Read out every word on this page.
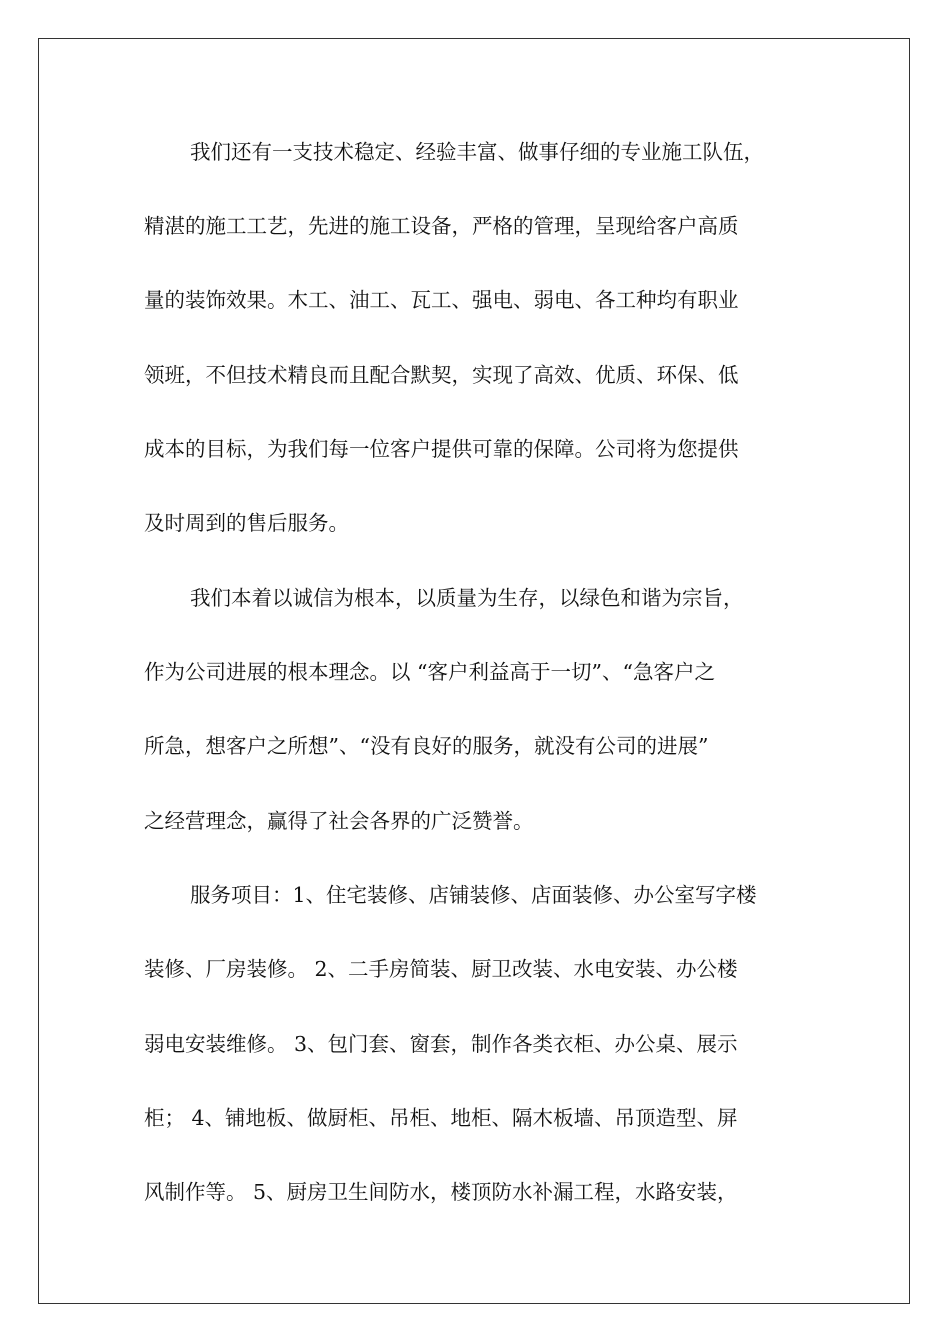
我们还有一支技术稳定、经验丰富、做事仔细的专业施工队伍，
精湛的施工工艺，先进的施工设备，严格的管理，呈现给客户高质
量的装饰效果。木工、油工、瓦工、强电、弱电、各工种均有职业
领班，不但技术精良而且配合默契，实现了高效、优质、环保、低
成本的目标，为我们每一位客户提供可靠的保障。公司将为您提供
及时周到的售后服务。
我们本着以诚信为根本，以质量为生存，以绿色和谐为宗旨，
作为公司进展的根本理念。以 “客户利益高于一切”、“急客户之
所急，想客户之所想”、“没有良好的服务，就没有公司的进展”
之经营理念，赢得了社会各界的广泛赞誉。
服务项目：1、住宅装修、店铺装修、店面装修、办公室写字楼
装修、厂房装修。 2、二手房简装、厨卫改装、水电安装、办公楼
弱电安装维修。 3、包门套、窗套，制作各类衣柜、办公桌、展示
柜； 4、铺地板、做厨柜、吊柜、地柜、隔木板墙、吊顶造型、屏
风制作等。 5、厨房卫生间防水，楼顶防水补漏工程，水路安装，
